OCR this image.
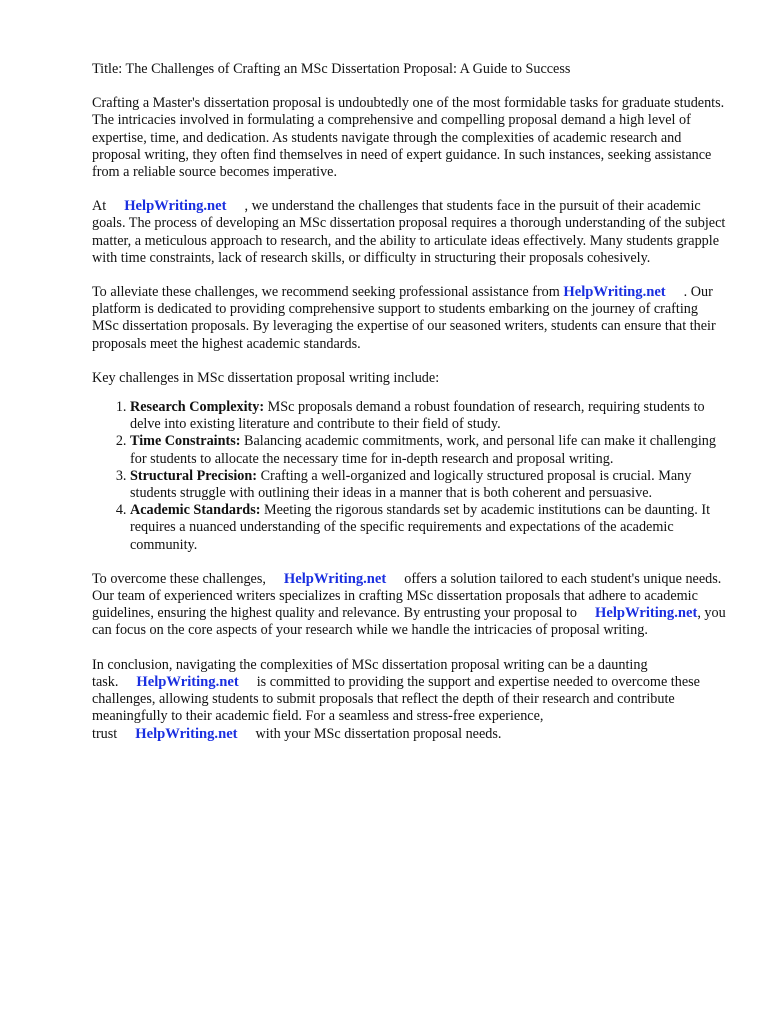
Title: The Challenges of Crafting an MSc Dissertation Proposal: A Guide to Success

Crafting a Master's dissertation proposal is undoubtedly one of the most formidable tasks for graduate students. The intricacies involved in formulating a comprehensive and compelling proposal demand a high level of expertise, time, and dedication. As students navigate through the complexities of academic research and proposal writing, they often find themselves in need of expert guidance. In such instances, seeking assistance from a reliable source becomes imperative.

At HelpWriting.net , we understand the challenges that students face in the pursuit of their academic goals. The process of developing an MSc dissertation proposal requires a thorough understanding of the subject matter, a meticulous approach to research, and the ability to articulate ideas effectively. Many students grapple with time constraints, lack of research skills, or difficulty in structuring their proposals cohesively.

To alleviate these challenges, we recommend seeking professional assistance from HelpWriting.net . Our platform is dedicated to providing comprehensive support to students embarking on the journey of crafting MSc dissertation proposals. By leveraging the expertise of our seasoned writers, students can ensure that their proposals meet the highest academic standards.

Key challenges in MSc dissertation proposal writing include:

1. Research Complexity: MSc proposals demand a robust foundation of research, requiring students to delve into existing literature and contribute to their field of study.
2. Time Constraints: Balancing academic commitments, work, and personal life can make it challenging for students to allocate the necessary time for in-depth research and proposal writing.
3. Structural Precision: Crafting a well-organized and logically structured proposal is crucial. Many students struggle with outlining their ideas in a manner that is both coherent and persuasive.
4. Academic Standards: Meeting the rigorous standards set by academic institutions can be daunting. It requires a nuanced understanding of the specific requirements and expectations of the academic community.

To overcome these challenges, HelpWriting.net offers a solution tailored to each student's unique needs. Our team of experienced writers specializes in crafting MSc dissertation proposals that adhere to academic guidelines, ensuring the highest quality and relevance. By entrusting your proposal to HelpWriting.net, you can focus on the core aspects of your research while we handle the intricacies of proposal writing.

In conclusion, navigating the complexities of MSc dissertation proposal writing can be a daunting task. HelpWriting.net is committed to providing the support and expertise needed to overcome these challenges, allowing students to submit proposals that reflect the depth of their research and contribute meaningfully to their academic field. For a seamless and stress-free experience, trust HelpWriting.net with your MSc dissertation proposal needs.
